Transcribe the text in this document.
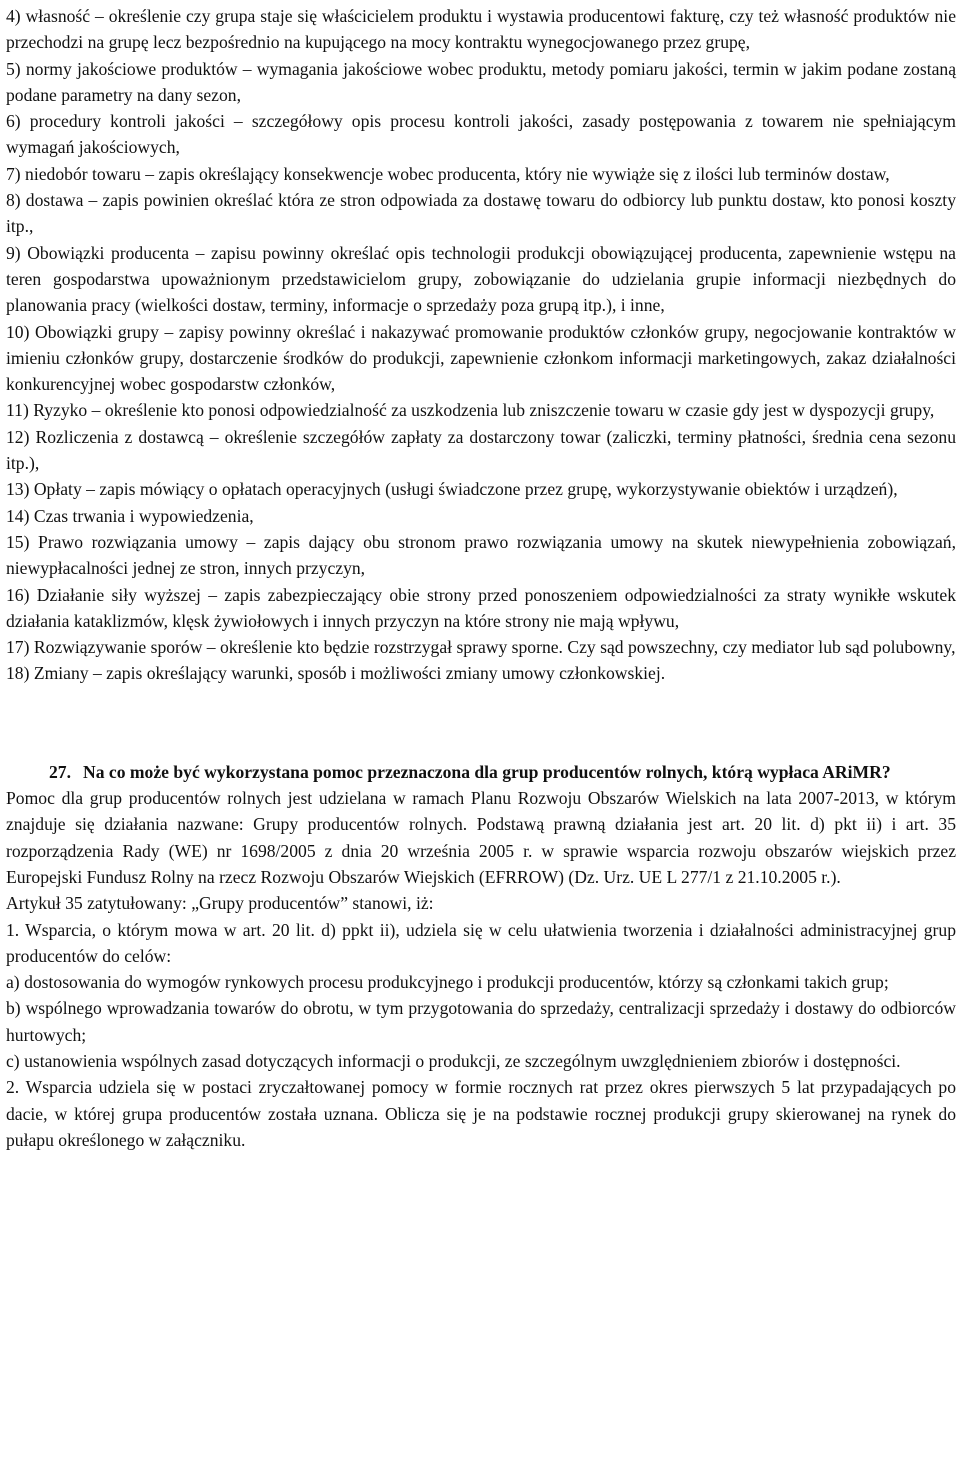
4) własność – określenie czy grupa staje się właścicielem produktu i wystawia producentowi fakturę, czy też własność produktów nie przechodzi na grupę lecz bezpośrednio na kupującego na mocy kontraktu wynegocjowanego przez grupę,

5) normy jakościowe produktów – wymagania jakościowe wobec produktu, metody pomiaru jakości, termin w jakim podane zostaną podane parametry na dany sezon,

6) procedury kontroli jakości – szczegółowy opis procesu kontroli jakości, zasady postępowania z towarem nie spełniającym wymagań jakościowych,

7) niedobór towaru – zapis określający konsekwencje wobec producenta, który nie wywiąże się z ilości lub terminów dostaw,

8) dostawa – zapis powinien określać która ze stron odpowiada za dostawę towaru do odbiorcy lub punktu dostaw, kto ponosi koszty itp.,

9) Obowiązki producenta – zapisu powinny określać opis technologii produkcji obowiązującej producenta, zapewnienie wstępu na teren gospodarstwa upoważnionym przedstawicielom grupy, zobowiązanie do udzielania grupie informacji niezbędnych do planowania pracy (wielkości dostaw, terminy, informacje o sprzedaży poza grupą itp.), i inne,

10) Obowiązki grupy – zapisy powinny określać i nakazywać promowanie produktów członków grupy, negocjowanie kontraktów w imieniu członków grupy, dostarczenie środków do produkcji, zapewnienie członkom informacji marketingowych, zakaz działalności konkurencyjnej wobec gospodarstw członków,

11) Ryzyko – określenie kto ponosi odpowiedzialność za uszkodzenia lub zniszczenie towaru w czasie gdy jest w dyspozycji grupy,

12) Rozliczenia z dostawcą – określenie szczegółów zapłaty za dostarczony towar (zaliczki, terminy płatności, średnia cena sezonu itp.),

13) Opłaty – zapis mówiący o opłatach operacyjnych (usługi świadczone przez grupę, wykorzystywanie obiektów i urządzeń),

14) Czas trwania i wypowiedzenia,

15) Prawo rozwiązania umowy – zapis dający obu stronom prawo rozwiązania umowy na skutek niewypełnienia zobowiązań, niewypłacalności jednej ze stron, innych przyczyn,

16) Działanie siły wyższej – zapis zabezpieczający obie strony przed ponoszeniem odpowiedzialności za straty wynikłe wskutek działania kataklizmów, klęsk żywiołowych i innych przyczyn na które strony nie mają wpływu,

17) Rozwiązywanie sporów – określenie kto będzie rozstrzygał sprawy sporne. Czy sąd powszechny, czy mediator lub sąd polubowny,

18) Zmiany – zapis określający warunki, sposób i możliwości zmiany umowy członkowskiej.

27. Na co może być wykorzystana pomoc przeznaczona dla grup producentów rolnych, którą wypłaca ARiMR?

Pomoc dla grup producentów rolnych jest udzielana w ramach Planu Rozwoju Obszarów Wielskich na lata 2007-2013, w którym znajduje się działania nazwane: Grupy producentów rolnych. Podstawą prawną działania jest art. 20 lit. d) pkt ii) i art. 35 rozporządzenia Rady (WE) nr 1698/2005 z dnia 20 września 2005 r. w sprawie wsparcia rozwoju obszarów wiejskich przez Europejski Fundusz Rolny na rzecz Rozwoju Obszarów Wiejskich (EFRROW) (Dz. Urz. UE L 277/1 z 21.10.2005 r.).

Artykuł 35 zatytułowany: „Grupy producentów” stanowi, iż:

1. Wsparcia, o którym mowa w art. 20 lit. d) ppkt ii), udziela się w celu ułatwienia tworzenia i działalności administracyjnej grup producentów do celów:

a) dostosowania do wymogów rynkowych procesu produkcyjnego i produkcji producentów, którzy są członkami takich grup;

b) wspólnego wprowadzania towarów do obrotu, w tym przygotowania do sprzedaży, centralizacji sprzedaży i dostawy do odbiorców hurtowych;

c) ustanowienia wspólnych zasad dotyczących informacji o produkcji, ze szczególnym uwzględnieniem zbiorów i dostępności.

2. Wsparcia udziela się w postaci zryczałtowanej pomocy w formie rocznych rat przez okres pierwszych 5 lat przypadających po dacie, w której grupa producentów została uznana. Oblicza się je na podstawie rocznej produkcji grupy skierowanej na rynek do pułapu określonego w załączniku.
